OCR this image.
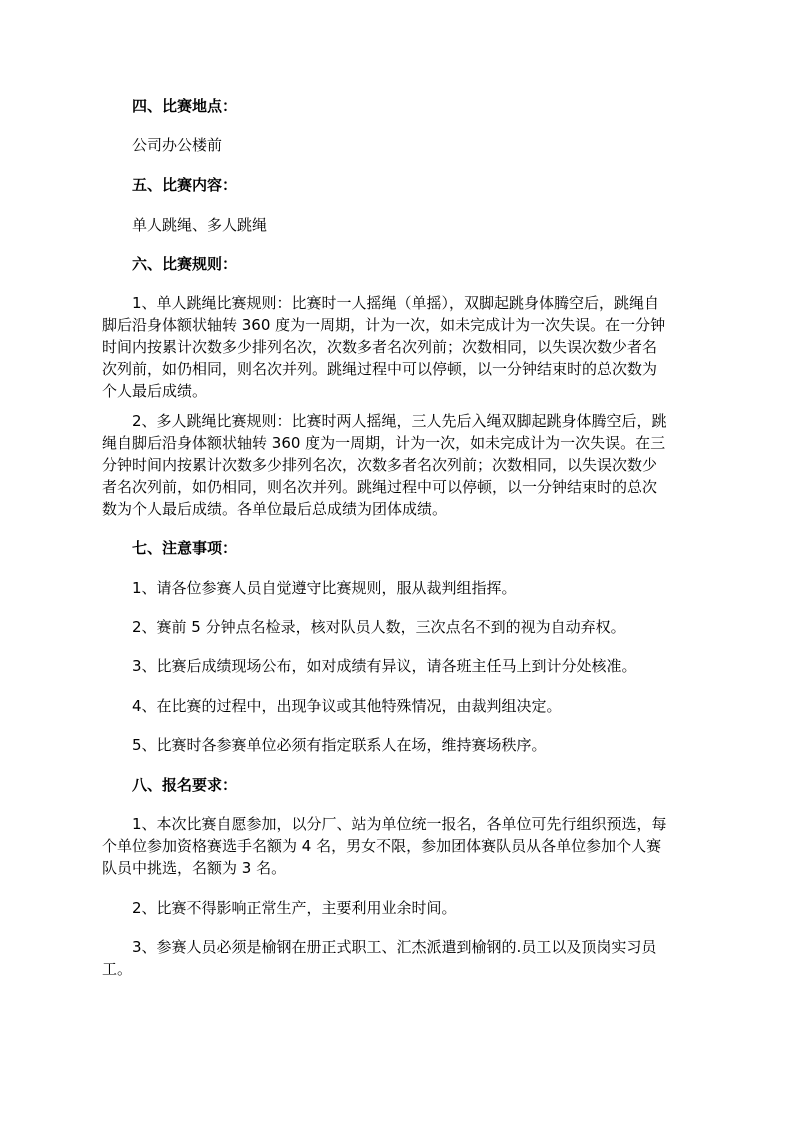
四、比赛地点：

公司办公楼前

五、比赛内容：

单人跳绳、多人跳绳

六、比赛规则：

1、单人跳绳比赛规则：比赛时一人摇绳（单摇），双脚起跳身体腾空后，跳绳自
脚后沿身体额状轴转 360 度为一周期，计为一次，如未完成计为一次失误。在一分钟
时间内按累计次数多少排列名次，次数多者名次列前；次数相同，以失误次数少者名
次列前，如仍相同，则名次并列。跳绳过程中可以停顿，以一分钟结束时的总次数为
个人最后成绩。
2、多人跳绳比赛规则：比赛时两人摇绳，三人先后入绳双脚起跳身体腾空后，跳
绳自脚后沿身体额状轴转 360 度为一周期，计为一次，如未完成计为一次失误。在三
分钟时间内按累计次数多少排列名次，次数多者名次列前；次数相同，以失误次数少
者名次列前，如仍相同，则名次并列。跳绳过程中可以停顿，以一分钟结束时的总次
数为个人最后成绩。各单位最后总成绩为团体成绩。

七、注意事项：

1、请各位参赛人员自觉遵守比赛规则，服从裁判组指挥。

2、赛前 5 分钟点名检录，核对队员人数，三次点名不到的视为自动弃权。

3、比赛后成绩现场公布，如对成绩有异议，请各班主任马上到计分处核准。

4、在比赛的过程中，出现争议或其他特殊情况，由裁判组决定。

5、比赛时各参赛单位必须有指定联系人在场，维持赛场秩序。

八、报名要求：

1、本次比赛自愿参加，以分厂、站为单位统一报名，各单位可先行组织预选，每
个单位参加资格赛选手名额为 4 名，男女不限，参加团体赛队员从各单位参加个人赛
队员中挑选，名额为 3 名。

2、比赛不得影响正常生产，主要利用业余时间。

3、参赛人员必须是榆钢在册正式职工、汇杰派遣到榆钢的.员工以及顶岗实习员
工。
